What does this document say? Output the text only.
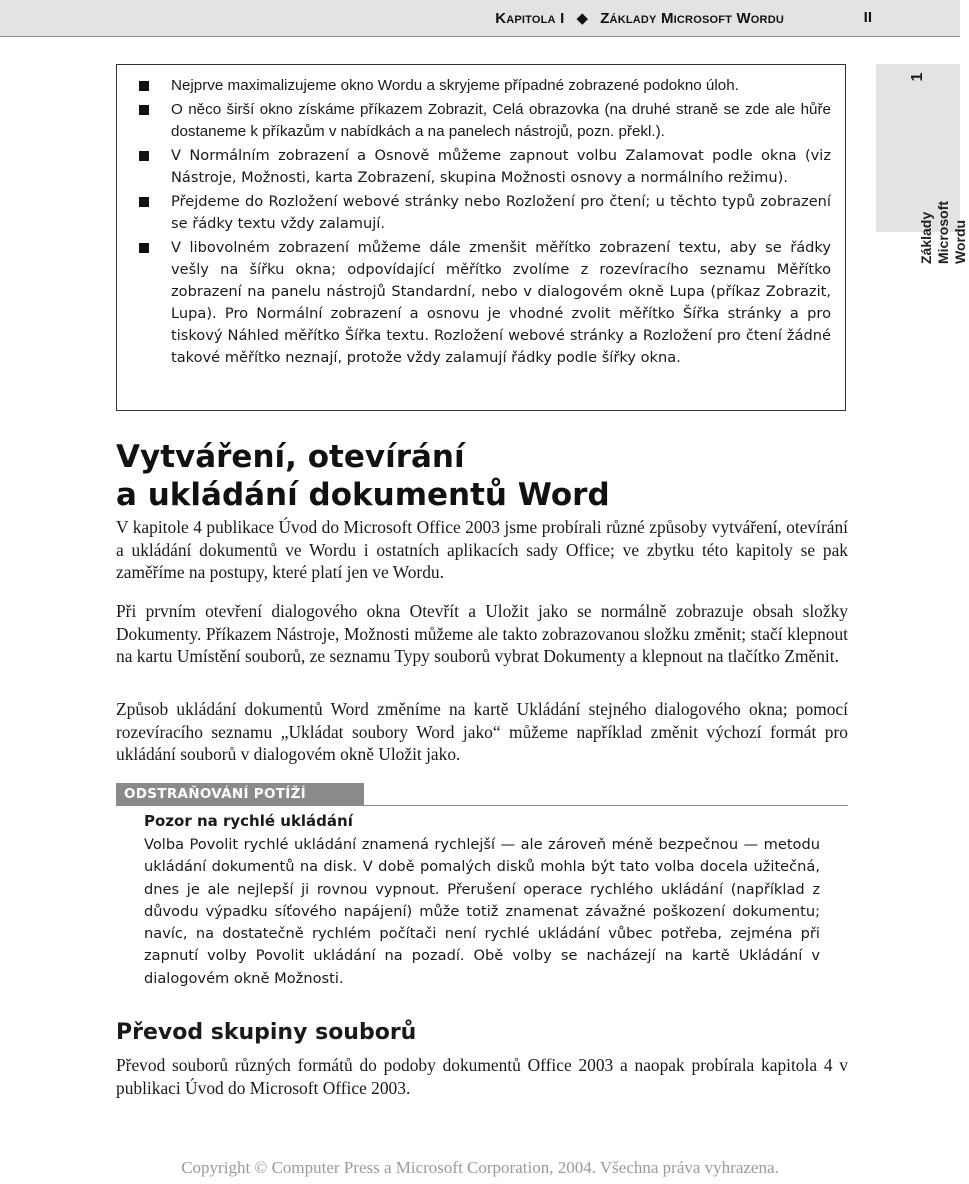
Kapitola I ◆ Základy Microsoft Wordu	II
1
Základy Microsoft Wordu
Nejprve maximalizujeme okno Wordu a skryjeme případné zobrazené podokno úloh.
O něco širší okno získáme příkazem Zobrazit, Celá obrazovka (na druhé straně se zde ale hůře dostaneme k příkazům v nabídkách a na panelech nástrojů, pozn. překl.).
V Normálním zobrazení a Osnově můžeme zapnout volbu Zalamovat podle okna (viz Nástroje, Možnosti, karta Zobrazení, skupina Možnosti osnovy a normálního režimu).
Přejdeme do Rozložení webové stránky nebo Rozložení pro čtení; u těchto typů zobrazení se řádky textu vždy zalamují.
V libovolném zobrazení můžeme dále zmenšit měřítko zobrazení textu, aby se řádky vešly na šířku okna; odpovídající měřítko zvolíme z rozevíracího seznamu Měřítko zobrazení na panelu nástrojů Standardní, nebo v dialogovém okně Lupa (příkaz Zobrazit, Lupa). Pro Normální zobrazení a osnovu je vhodné zvolit měřítko Šířka stránky a pro tiskový Náhled měřítko Šířka textu. Rozložení webové stránky a Rozložení pro čtení žádné takové měřítko neznají, protože vždy zalamují řádky podle šířky okna.
Vytváření, otevírání
a ukládání dokumentů Word

V kapitole 4 publikace Úvod do Microsoft Office 2003 jsme probírali různé způsoby vytváření, otevírání a ukládání dokumentů ve Wordu i ostatních aplikacích sady Office; ve zbytku této kapitoly se pak zaměříme na postupy, které platí jen ve Wordu.

Při prvním otevření dialogového okna Otevřít a Uložit jako se normálně zobrazuje obsah složky Dokumenty. Příkazem Nástroje, Možnosti můžeme ale takto zobrazovanou složku změnit; stačí klepnout na kartu Umístění souborů, ze seznamu Typy souborů vybrat Dokumenty a klepnout na tlačítko Změnit.

Způsob ukládání dokumentů Word změníme na kartě Ukládání stejného dialogového okna; pomocí rozevíracího seznamu „Ukládat soubory Word jako“ můžeme například změnit výchozí formát pro ukládání souborů v dialogovém okně Uložit jako.

ODSTRAŇOVÁNÍ POTÍŽÍ
Pozor na rychlé ukládání

Volba Povolit rychlé ukládání znamená rychlejší — ale zároveň méně bezpečnou — metodu ukládání dokumentů na disk. V době pomalých disků mohla být tato volba docela užitečná, dnes je ale nejlepší ji rovnou vypnout. Přerušení operace rychlého ukládání (například z důvodu výpadku síťového napájení) může totiž znamenat závažné poškození dokumentu; navíc, na dostatečně rychlém počítači není rychlé ukládání vůbec potřeba, zejména při zapnutí volby Povolit ukládání na pozadí. Obě volby se nacházejí na kartě Ukládání v dialogovém okně Možnosti.

Převod skupiny souborů

Převod souborů různých formátů do podoby dokumentů Office 2003 a naopak probírala kapitola 4 v publikaci Úvod do Microsoft Office 2003.

Copyright © Computer Press a Microsoft Corporation, 2004. Všechna práva vyhrazena.
